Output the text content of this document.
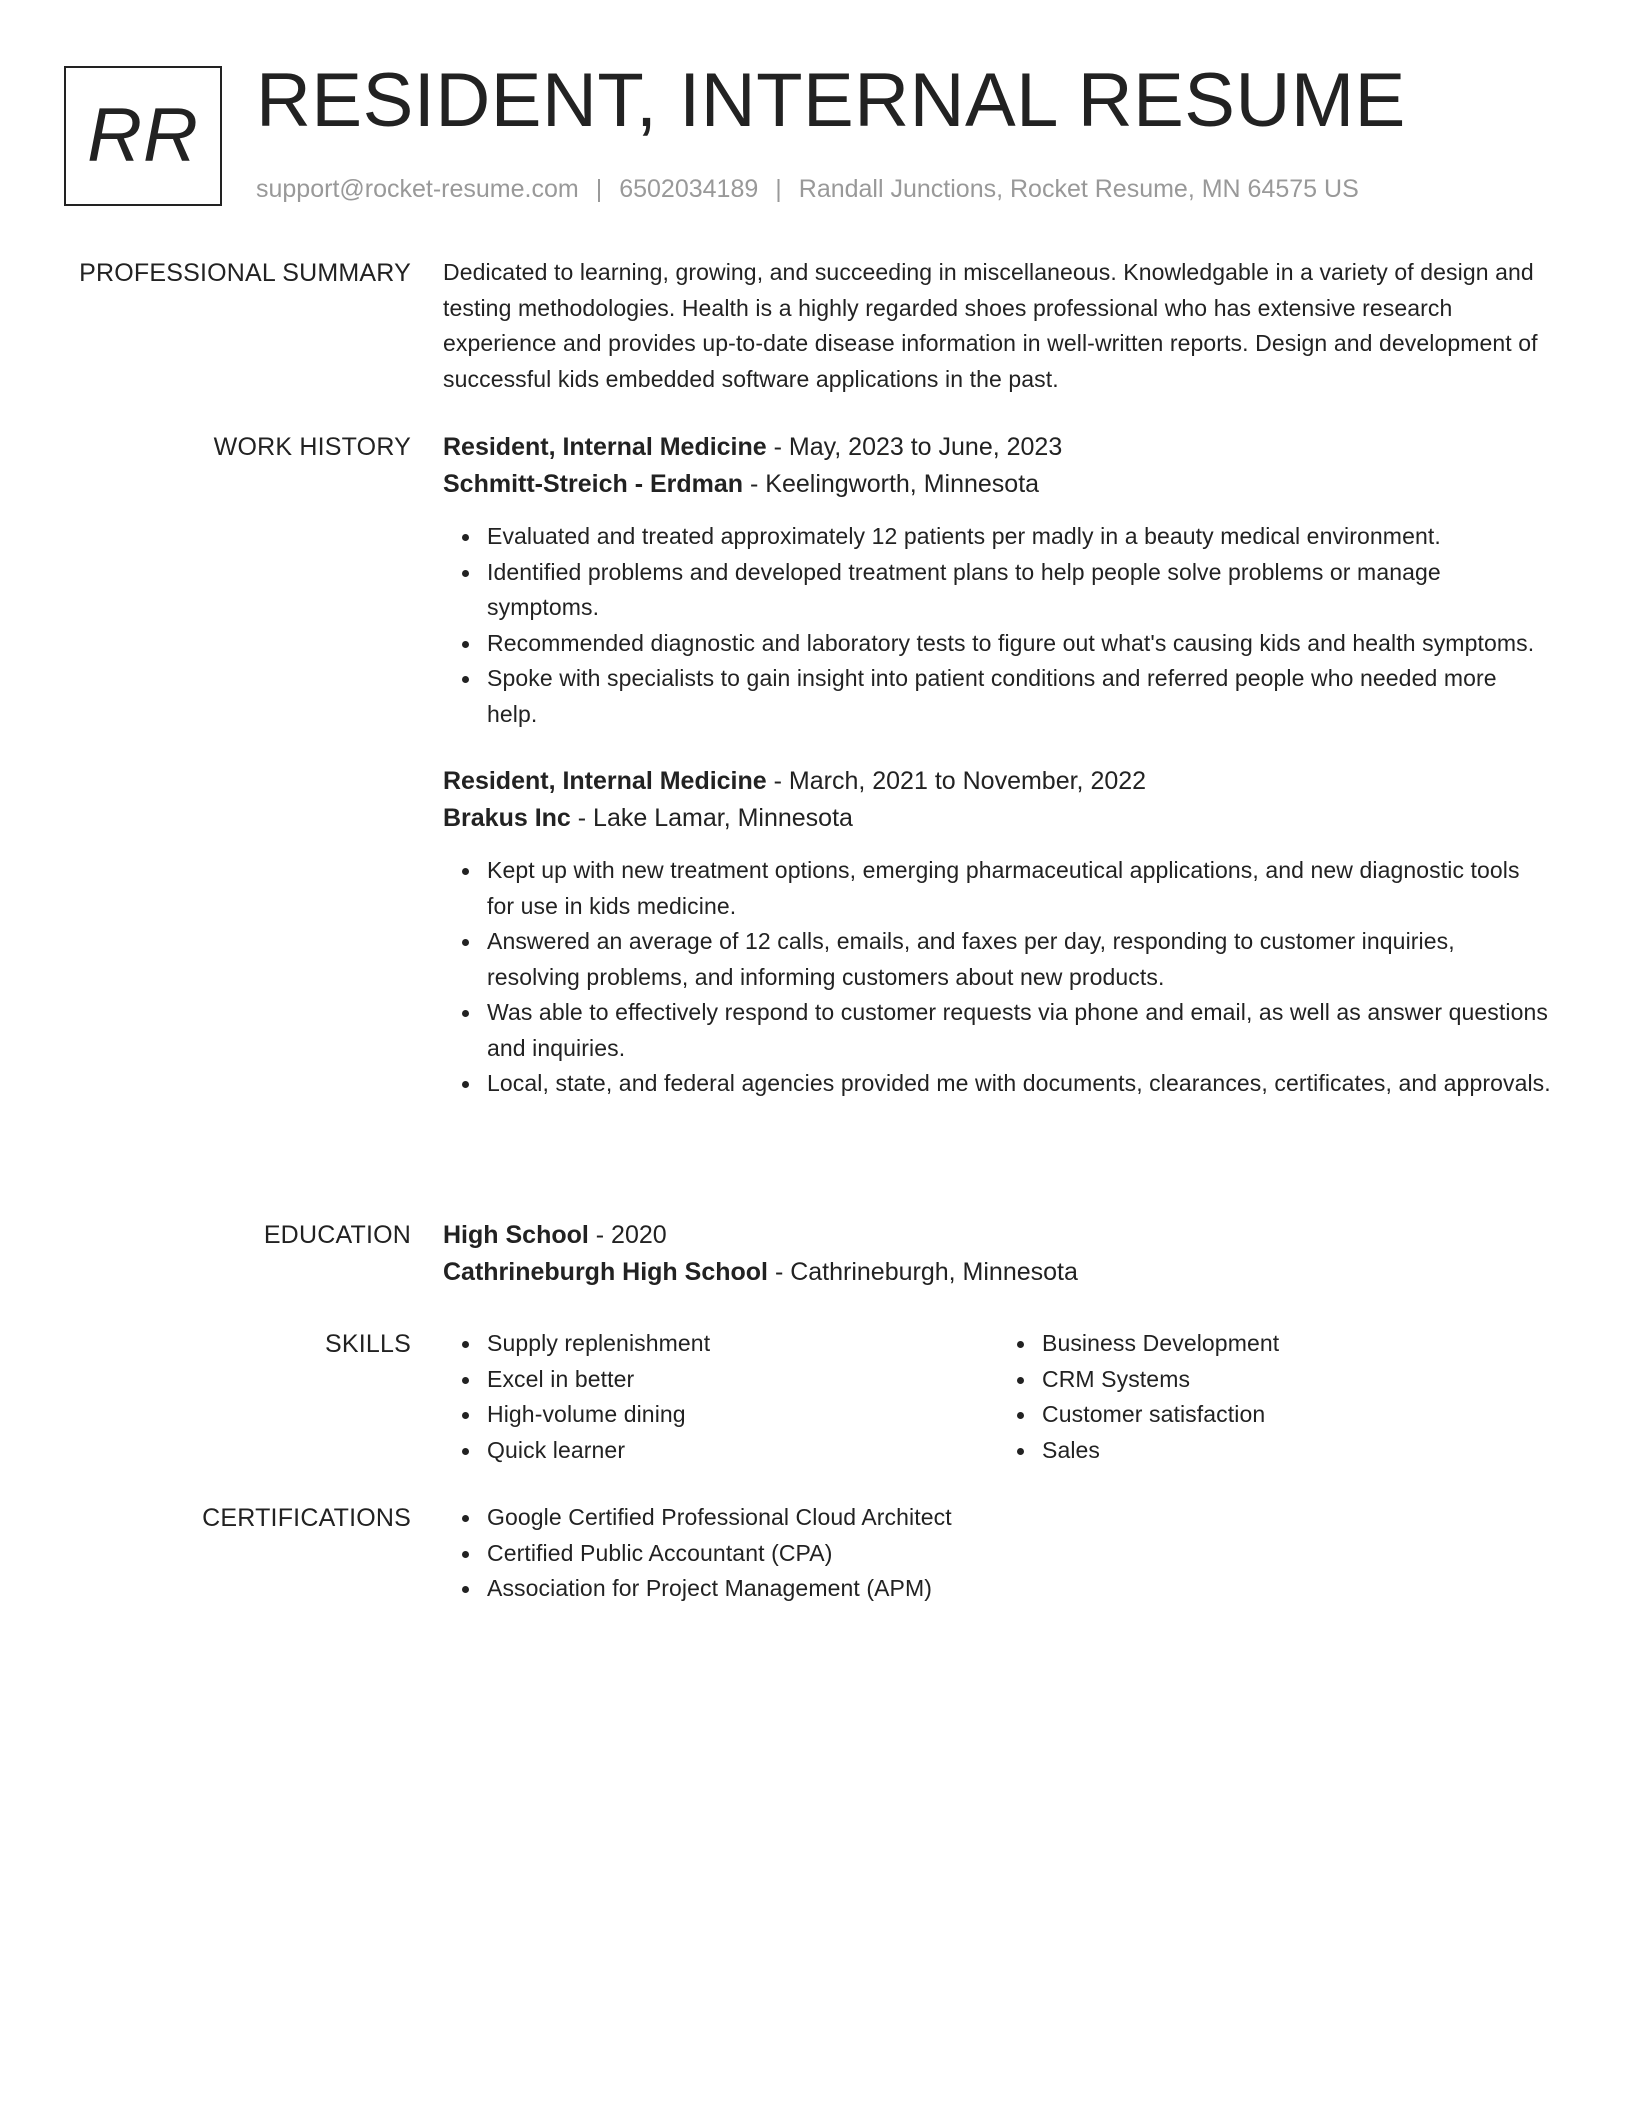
RR RESIDENT, INTERNAL RESUME
support@rocket-resume.com | 6502034189 | Randall Junctions, Rocket Resume, MN 64575 US
PROFESSIONAL SUMMARY Dedicated to learning, growing, and succeeding in miscellaneous. Knowledgable in a variety of design and testing methodologies. Health is a highly regarded shoes professional who has extensive research experience and provides up-to-date disease information in well-written reports. Design and development of successful kids embedded software applications in the past.

WORK HISTORY Resident, Internal Medicine - May, 2023 to June, 2023

Schmitt-Streich - Erdman - Keelingworth, Minnesota

Evaluated and treated approximately 12 patients per madly in a beauty medical environment.
Identified problems and developed treatment plans to help people solve problems or manage symptoms.
Recommended diagnostic and laboratory tests to figure out what's causing kids and health symptoms.
Spoke with specialists to gain insight into patient conditions and referred people who needed more help.

Resident, Internal Medicine - March, 2021 to November, 2022

Brakus Inc - Lake Lamar, Minnesota

Kept up with new treatment options, emerging pharmaceutical applications, and new diagnostic tools for use in kids medicine.
Answered an average of 12 calls, emails, and faxes per day, responding to customer inquiries, resolving problems, and informing customers about new products.
Was able to effectively respond to customer requests via phone and email, as well as answer questions and inquiries.
Local, state, and federal agencies provided me with documents, clearances, certificates, and approvals.
EDUCATION High School - 2020

Cathrineburgh High School - Cathrineburgh, Minnesota

SKILLS	Supply replenishment
Excel in better
High-volume dining
Quick learner
Business Development
CRM Systems
Customer satisfaction
Sales
CERTIFICATIONS	Google Certified Professional Cloud Architect
Certified Public Accountant (CPA)
Association for Project Management (APM)
